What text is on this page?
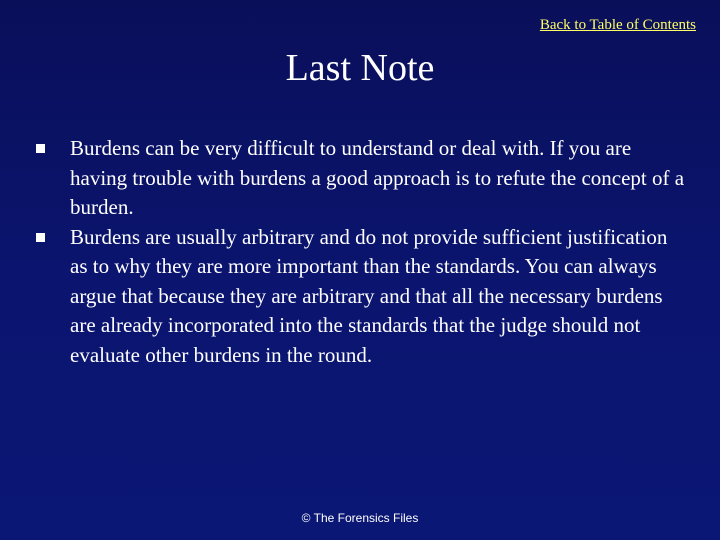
Back to Table of Contents
Last Note
Burdens can be very difficult to understand or deal with. If you are having trouble with burdens a good approach is to refute the concept of a burden.
Burdens are usually arbitrary and do not provide sufficient justification as to why they are more important than the standards. You can always argue that because they are arbitrary and that all the necessary burdens are already incorporated into the standards that the judge should not evaluate other burdens in the round.
© The Forensics Files
